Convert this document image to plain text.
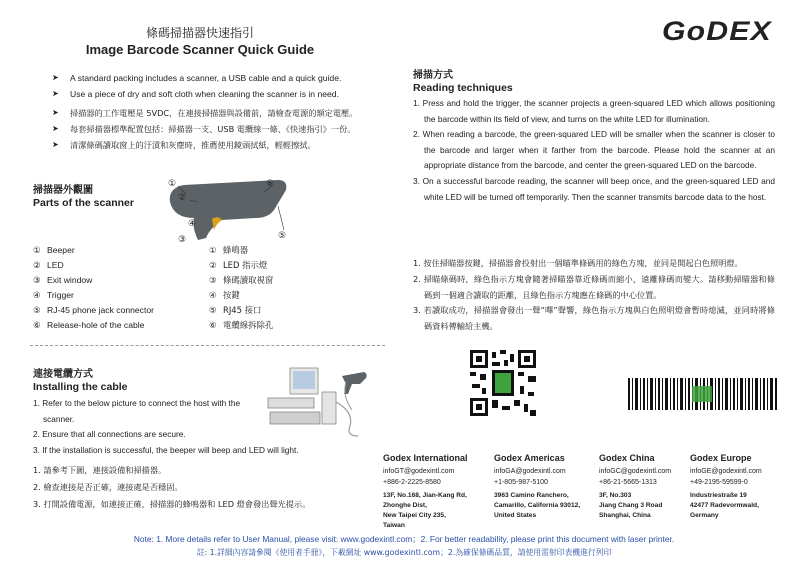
條碼掃描器快速指引
Image Barcode Scanner Quick Guide
GoDEX
➤ A standard packing includes a scanner, a USB cable and a quick guide.
➤ Use a piece of dry and soft cloth when cleaning the scanner is in need.
➤ 掃描器的工作電壓是 5VDC，在連接掃描器與設備前，請檢查電源的額定電壓。
➤ 每套掃描器標準配置包括：掃描器一支、USB 電纜線一條、《快速指引》一份。
➤ 清潔條碼讀取窗上的汙漬和灰塵時，推薦使用鏡頭拭紙，輕輕擦拭。
掃描器外觀圖
Parts of the scanner
①
②
③
④
⑤
⑥
① Beeper
② LED
③ Exit window
④ Trigger
⑤ RJ-45 phone jack connector
⑥ Release-hole of the cable
① 蜂鳴器
② LED 指示燈
③ 條碼讀取視窗
④ 按鍵
⑤ RJ45 接口
⑥ 電纜線拆除孔
連接電纜方式
Installing the cable
1. Refer to the below picture to connect the host with the scanner.
2. Ensure that all connections are secure.
3. If the installation is successful, the beeper will beep and LED will light.
1. 請參考下圖，連接設備和掃描器。
2. 檢查連接是否正確，連接處是否穩固。
3. 打開設備電源，如連接正確，掃描器的蜂鳴器和 LED 燈會發出聲光提示。
掃描方式
Reading techniques
1. Press and hold the trigger, the scanner projects a green-squared LED which allows positioning the barcode within its field of view, and turns on the white LED for illumination.
2. When reading a barcode, the green-squared LED will be smaller when the scanner is closer to the barcode and larger when it farther from the barcode. Please hold the scanner at an appropriate distance from the barcode, and center the green-squared LED on the barcode.
3. On a successful barcode reading, the scanner will beep once, and the green-squared LED and white LED will be turned off temporarily. Then the scanner transmits barcode data to the host.
1. 按住掃瞄器按鍵，掃描器會投射出一個瞄準條碼用的綠色方塊，並同是開起白色照明燈。
2. 掃瞄條碼時，綠色指示方塊會隨著掃瞄器靠近條碼而縮小，遠離條碼而變大。請移動掃瞄器和條碼到一個適合讀取的距離，且綠色指示方塊應在條碼的中心位置。
3. 若讀取成功，掃描器會發出一聲“嗶”聲響，綠色指示方塊與白色照明燈會暫時熄滅，並同時將條碼資料傳輸給主機。
Godex International
infoGT@godexintl.com
+886-2-2225-8580
13F, No.168, Jian-Kang Rd,
Zhonghe Dist,
New Taipei City 235,
Taiwan
Godex Americas
infoGA@godexintl.com
+1-805-987-5100
3963 Camino Ranchero,
Camarillo, California 93012,
United States
Godex China
infoGC@godexintl.com
+86-21-5665-1313
3F, No.303
Jiang Chang 3 Road
Shanghai, China
Godex Europe
infoGE@godexintl.com
+49-2195-59599-0
Industriestraße 19
42477 Radevormwald,
Germany
Note: 1. More details refer to User Manual, please visit: www.godexintl.com；2. For better readability, please print this document with laser printer.
註: 1.詳細內容請參閱《使用者手冊》，下載網址 www.godexintl.com；2.為確保條碼品質，請使用雷射印表機進行列印
